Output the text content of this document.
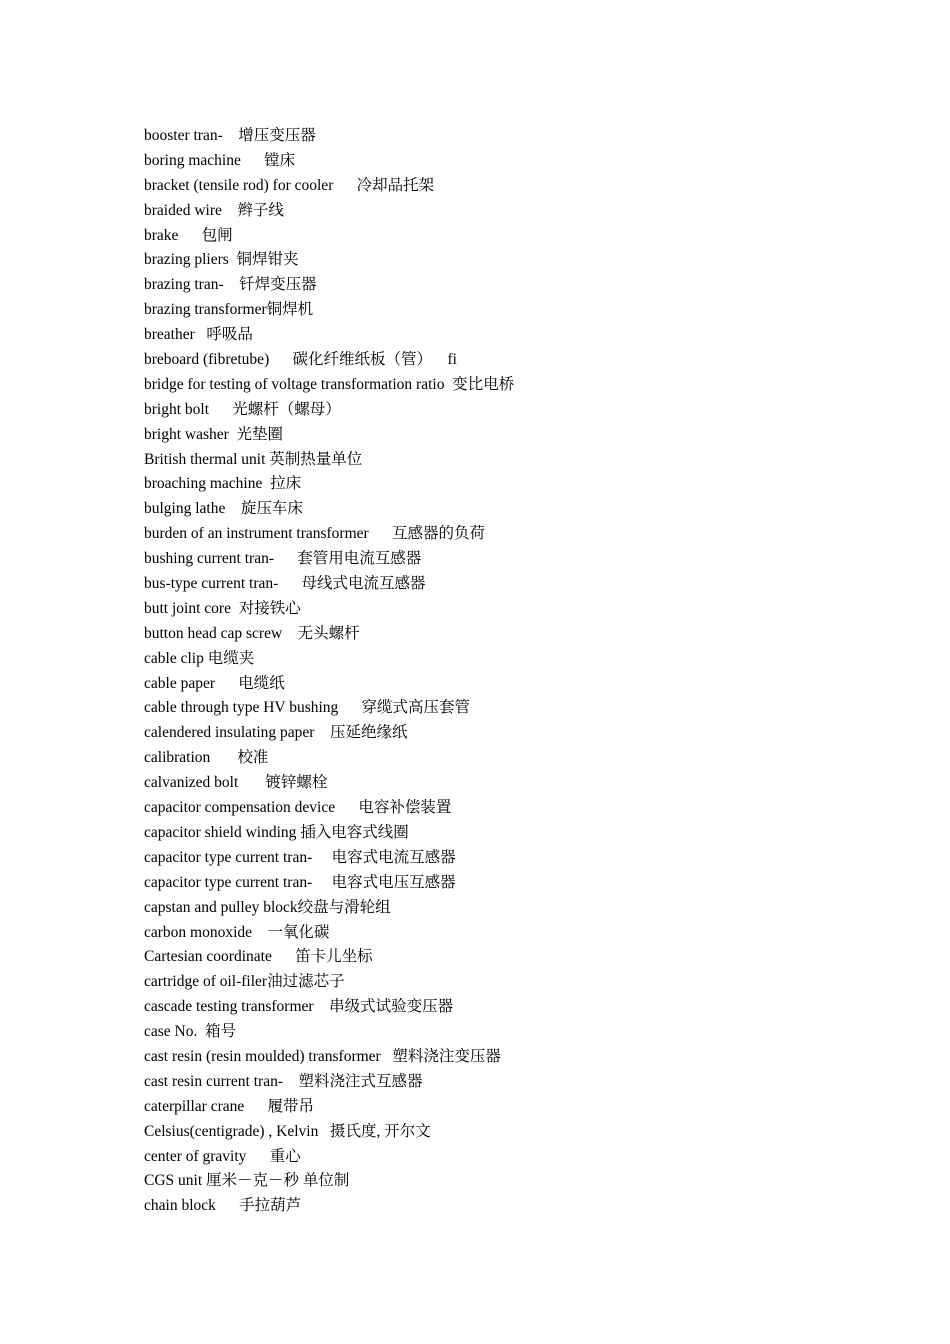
booster tran- 增压变压器
boring machine 镗床
bracket (tensile rod) for cooler 冷却品托架
braided wire 辫子线
brake 包闸
brazing pliers 铜焊钳夹
brazing tran- 钎焊变压器
brazing transformer铜焊机
breather 呼吸品
breboard (fibretube) 碳化纤维纸板（管）    fi
bridge for testing of voltage transformation ratio 变比电桥
bright bolt 光螺杆（螺母）
bright washer 光垫圈
British thermal unit 英制热量单位
broaching machine 拉床
bulging lathe 旋压车床
burden of an instrument transformer 互感器的负荷
bushing current tran- 套管用电流互感器
bus-type current tran- 母线式电流互感器
butt joint core 对接铁心
button head cap screw 无头螺杆
cable clip 电缆夹
cable paper 电缆纸
cable through type HV bushing 穿缆式高压套管
calendered insulating paper 压延绝缘纸
calibration 校准
calvanized bolt 镀锌螺栓
capacitor compensation device 电容补偿装置
capacitor shield winding 插入电容式线圈
capacitor type current tran- 电容式电流互感器
capacitor type current tran- 电容式电压互感器
capstan and pulley block绞盘与滑轮组
carbon monoxide 一氧化碳
Cartesian coordinate 笛卡儿坐标
cartridge of oil-filer油过滤芯子
cascade testing transformer 串级式试验变压器
case No. 箱号
cast resin (resin moulded) transformer 塑料浇注变压器
cast resin current tran- 塑料浇注式互感器
caterpillar crane 履带吊
Celsius(centigrade) , Kelvin 摄氏度, 开尔文
center of gravity 重心
CGS unit 厘米－克－秒 单位制
chain block 手拉葫芦
